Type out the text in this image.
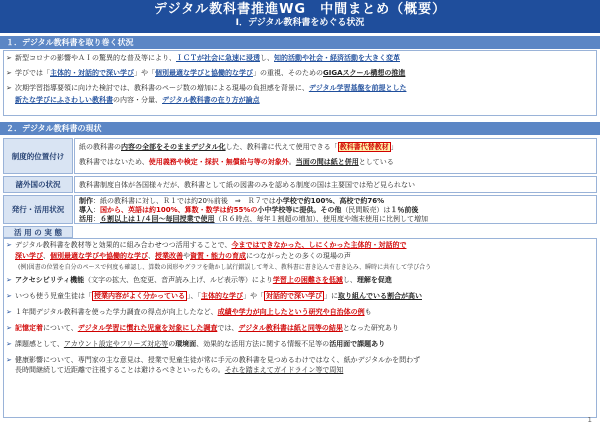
デジタル教科書推進WG　中間まとめ（概要）
Ⅰ．デジタル教科書をめぐる状況
１．デジタル教科書を取り巻く状況
➢ 新型コロナの影響やＡＩの驚異的な普及等により、ＩＣＴが社会に急速に浸透し、知的活動や社会・経済活動を大きく変革
➢ 学びでは「主体的・対話的で深い学び」や「個別最適な学びと協働的な学び」の重視、そのためのGIGAスクール構想の推進
➢ 次期学習指導要領に向けた検討では、教科書のページ数の増加による現場の負担感を背景に、デジタル学習基盤を前提とした
新たな学びにふさわしい教科書の内容・分量、デジタル教科書の在り方が論点
２．デジタル教科書の現状
制度的位置付け
紙の教科書の内容の全部をそのままデジタル化した、教科書に代えて使用できる「 教科書代替教材 」
教科書ではないため、使用義務や検定・採択・無償給与等の対象外。当面の間は紙と併用としている
諸外国の状況	教科書制度自体が各国様々だが、教科書として紙の図書のみを認める制度の国は主要国では殆ど見られない
発行・活用状況
制作：紙の教科書に対し、Ｒ１では約20％前後　⇒　Ｒ７では小学校で約100%、高校で約76%
導入：国から、英語は約100%、算数・数学は約55%の小中学校等に提供。その他（民間販売）は１％前後
活用：６割以上は１/４回～毎回授業で使用（Ｒ６時点、毎年１割超の増加）、使用度や端末使用に比例して増加
活 用 の 実 態
➢ デジタル教科書を教材等と効果的に組み合わせつつ活用することで、今まではできなかった、しにくかった主体的・対話的で
深い学び、個別最適な学びや協働的な学び、授業改善や資質・能力の育成につながったとの多くの現場の声
(例)図書の位置を自分のペースで何度も確認し、算数の図形やグラフを動かし試行錯誤して考え、教科書に書き込んで書き込み、瞬時に共有して学び合う
➢ アクセシビリティ機能（文字の拡大、色変更、音声読み上げ、ルビ表示等）により学習上の困難さを低減し、理解を促進
➢ いつも使う児童生徒は「 授業内容がよく分かっている 」、「主体的な学び」や「 対話的で深い学び 」に取り組んでいる割合が高い
➢ １年間デジタル教科書を使った学力調査の得点が向上したなど、成績や学力が向上したという研究や自治体の例も
➢ 記憶定着について、デジタル学習に慣れた児童を対象にした調査では、デジタル教科書は紙と同等の結果となった研究あり
➢ 課題感として、アカウント設定やフリーズ対応等の環境面、効果的な活用方法に関する情報不足等の活用面で課題あり
➢ 健康影響について、専門家の主な意見は、授業で児童生徒が常に手元の教科書を見つめるわけではなく、紙かデジタルかを問わず
長時間継続して近距離で注視することは避けるべきといったもの。それを踏まえてガイドライン等で周知
1
